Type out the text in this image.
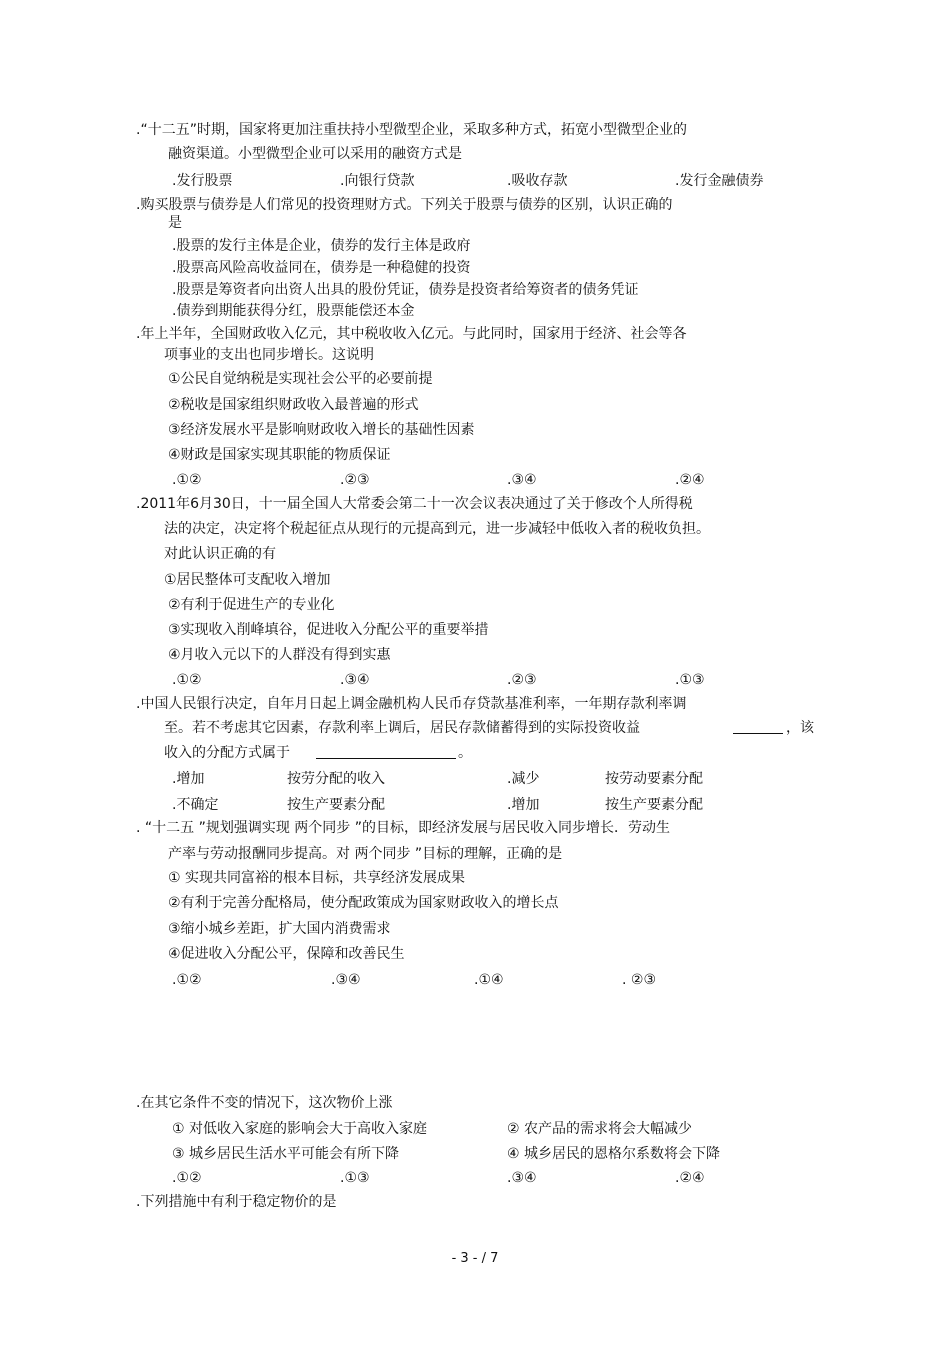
.“十二五”时期，国家将更加注重扶持小型微型企业，采取多种方式，拓宽小型微型企业的
融资渠道。小型微型企业可以采用的融资方式是
.发行股票	.向银行贷款	.吸收存款	.发行金融债券
.购买股票与债券是人们常见的投资理财方式。下列关于股票与债券的区别，认识正确的
是
.股票的发行主体是企业，债券的发行主体是政府
.股票高风险高收益同在，债券是一种稳健的投资
.股票是筹资者向出资人出具的股份凭证，债券是投资者给筹资者的债务凭证
.债券到期能获得分红，股票能偿还本金
.年上半年，全国财政收入亿元，其中税收收入亿元。与此同时，国家用于经济、社会等各
项事业的支出也同步增长。这说明
①公民自觉纳税是实现社会公平的必要前提
②税收是国家组织财政收入最普遍的形式
③经济发展水平是影响财政收入增长的基础性因素
④财政是国家实现其职能的物质保证
.①②	.②③	.③④	.②④
.2011年6月30日，十一届全国人大常委会第二十一次会议表决通过了关于修改个人所得税
法的决定，决定将个税起征点从现行的元提高到元，进一步减轻中低收入者的税收负担。
对此认识正确的有
①居民整体可支配收入增加
②有利于促进生产的专业化
③实现收入削峰填谷，促进收入分配公平的重要举措
④月收入元以下的人群没有得到实惠
.①②	.③④	.②③	.①③
.中国人民银行决定，自年月日起上调金融机构人民币存贷款基准利率，一年期存款利率调
至。若不考虑其它因素，存款利率上调后，居民存款储蓄得到的实际投资收益	，该
收入的分配方式属于	。
.增加	按劳分配的收入	.减少	按劳动要素分配
.不确定	按生产要素分配	.增加	按生产要素分配
. “十二五 ”规划强调实现 两个同步 ”的目标，即经济发展与居民收入同步增长．劳动生
产率与劳动报酬同步提高。对 两个同步 ”目标的理解，正确的是
① 实现共同富裕的根本目标，共享经济发展成果
②有利于完善分配格局，使分配政策成为国家财政收入的增长点
③缩小城乡差距，扩大国内消费需求
④促进收入分配公平，保障和改善民生
.①②	.③④	.①④	. ②③
.在其它条件不变的情况下，这次物价上涨
① 对低收入家庭的影响会大于高收入家庭	② 农产品的需求将会大幅减少
③ 城乡居民生活水平可能会有所下降	④ 城乡居民的恩格尔系数将会下降
.①②	.①③	.③④	.②④
.下列措施中有利于稳定物价的是
- 3 - / 7
